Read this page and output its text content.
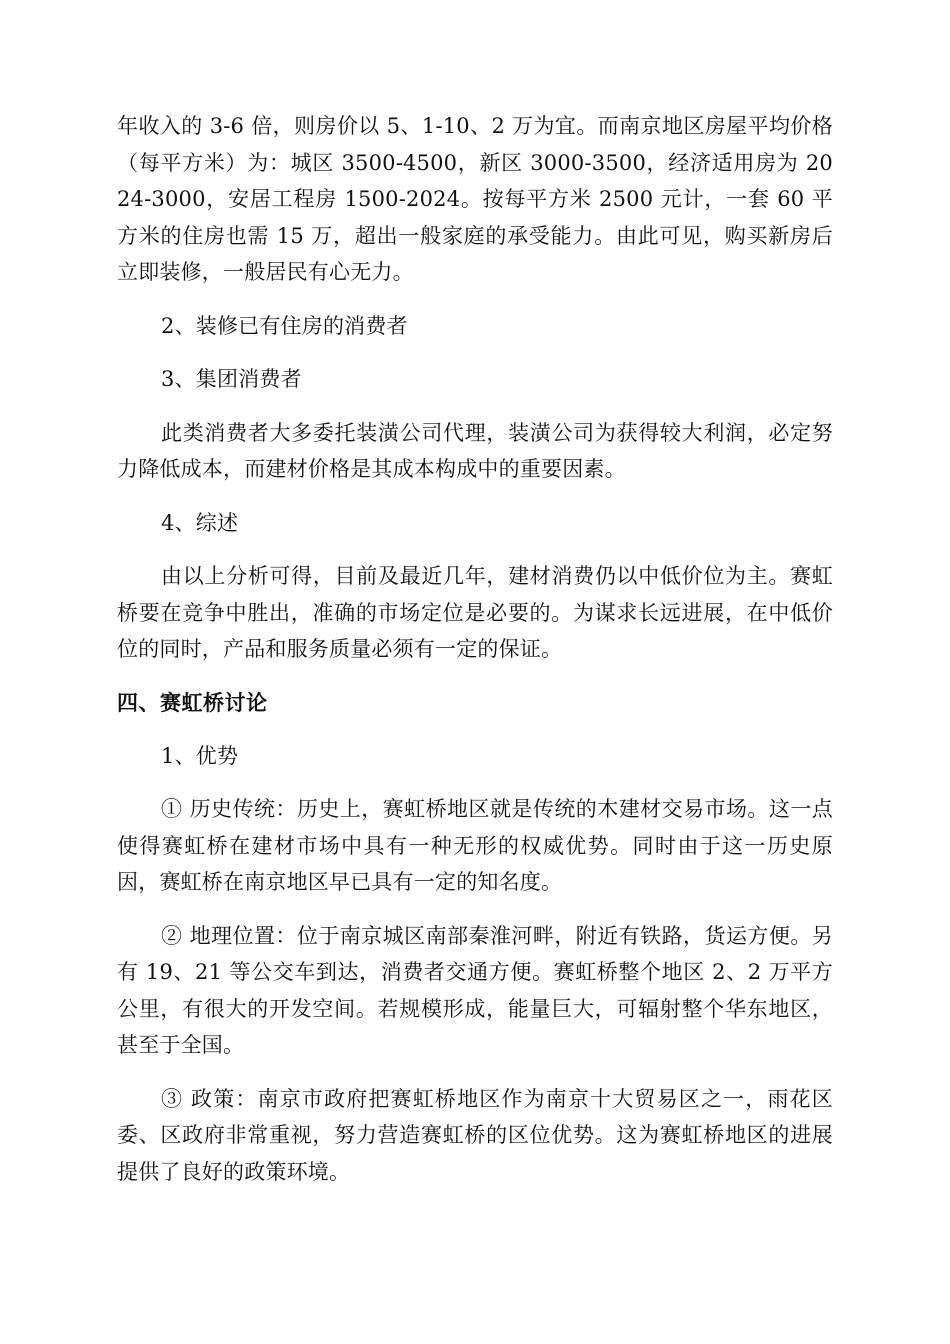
年收入的 3-6 倍，则房价以 5、1-10、2 万为宜。而南京地区房屋平均价格（每平方米）为：城区 3500-4500，新区 3000-3500，经济适用房为 2024-3000，安居工程房 1500-2024。按每平方米 2500 元计，一套 60 平方米的住房也需 15 万，超出一般家庭的承受能力。由此可见，购买新房后立即装修，一般居民有心无力。

2、装修已有住房的消费者

3、集团消费者

此类消费者大多委托装潢公司代理，装潢公司为获得较大利润，必定努力降低成本，而建材价格是其成本构成中的重要因素。

4、综述

由以上分析可得，目前及最近几年，建材消费仍以中低价位为主。赛虹桥要在竞争中胜出，准确的市场定位是必要的。为谋求长远进展，在中低价位的同时，产品和服务质量必须有一定的保证。

四、赛虹桥讨论

1、优势

① 历史传统：历史上，赛虹桥地区就是传统的木建材交易市场。这一点使得赛虹桥在建材市场中具有一种无形的权威优势。同时由于这一历史原因，赛虹桥在南京地区早已具有一定的知名度。

② 地理位置：位于南京城区南部秦淮河畔，附近有铁路，货运方便。另有 19、21 等公交车到达，消费者交通方便。赛虹桥整个地区 2、2 万平方公里，有很大的开发空间。若规模形成，能量巨大，可辐射整个华东地区，甚至于全国。

③ 政策：南京市政府把赛虹桥地区作为南京十大贸易区之一，雨花区委、区政府非常重视，努力营造赛虹桥的区位优势。这为赛虹桥地区的进展提供了良好的政策环境。
